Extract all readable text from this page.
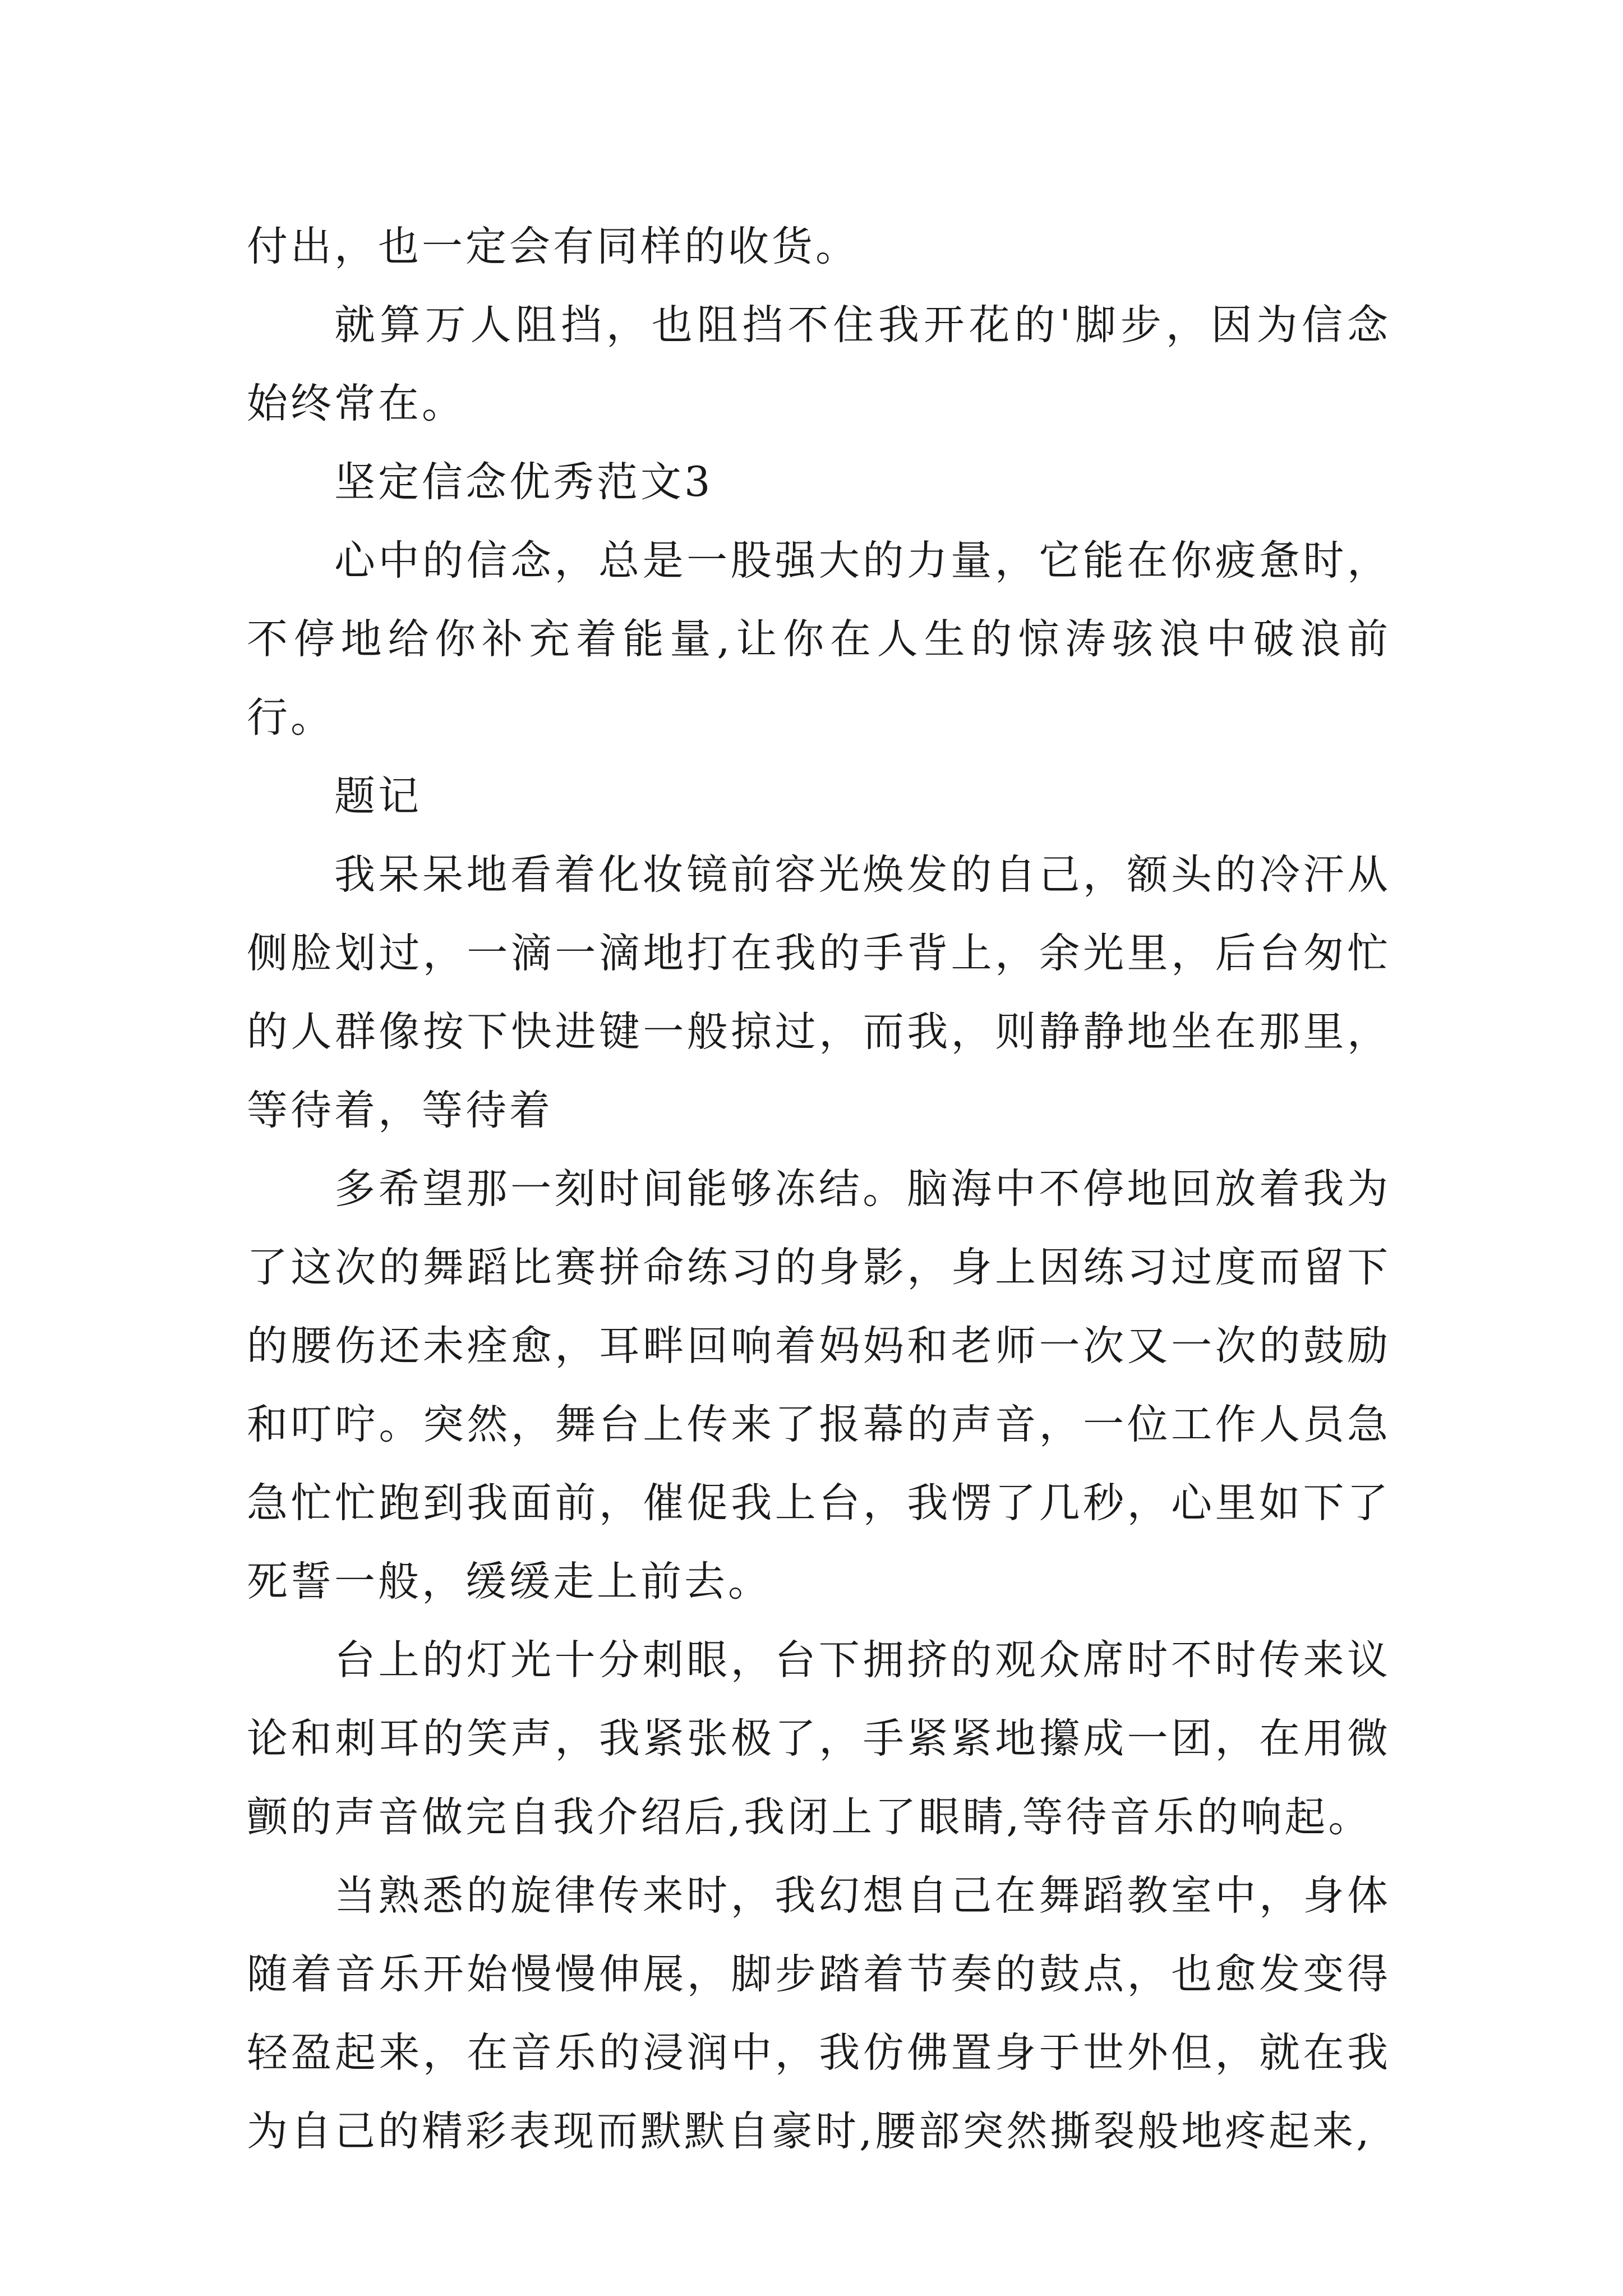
付出，也一定会有同样的收货。

就算万人阻挡，也阻挡不住我开花的'脚步，因为信念始终常在。

坚定信念优秀范文3

心中的信念，总是一股强大的力量，它能在你疲惫时，不停地给你补充着能量,让你在人生的惊涛骇浪中破浪前行。

题记

我呆呆地看着化妆镜前容光焕发的自己，额头的冷汗从侧脸划过，一滴一滴地打在我的手背上，余光里，后台匆忙的人群像按下快进键一般掠过，而我，则静静地坐在那里，等待着，等待着

多希望那一刻时间能够冻结。脑海中不停地回放着我为了这次的舞蹈比赛拼命练习的身影，身上因练习过度而留下的腰伤还未痊愈，耳畔回响着妈妈和老师一次又一次的鼓励和叮咛。突然，舞台上传来了报幕的声音，一位工作人员急急忙忙跑到我面前，催促我上台，我愣了几秒，心里如下了死誓一般，缓缓走上前去。

台上的灯光十分刺眼，台下拥挤的观众席时不时传来议论和刺耳的笑声，我紧张极了，手紧紧地攥成一团，在用微颤的声音做完自我介绍后,我闭上了眼睛,等待音乐的响起。

当熟悉的旋律传来时，我幻想自己在舞蹈教室中，身体随着音乐开始慢慢伸展，脚步踏着节奏的鼓点，也愈发变得轻盈起来，在音乐的浸润中，我仿佛置身于世外但，就在我为自己的精彩表现而默默自豪时,腰部突然撕裂般地疼起来,
